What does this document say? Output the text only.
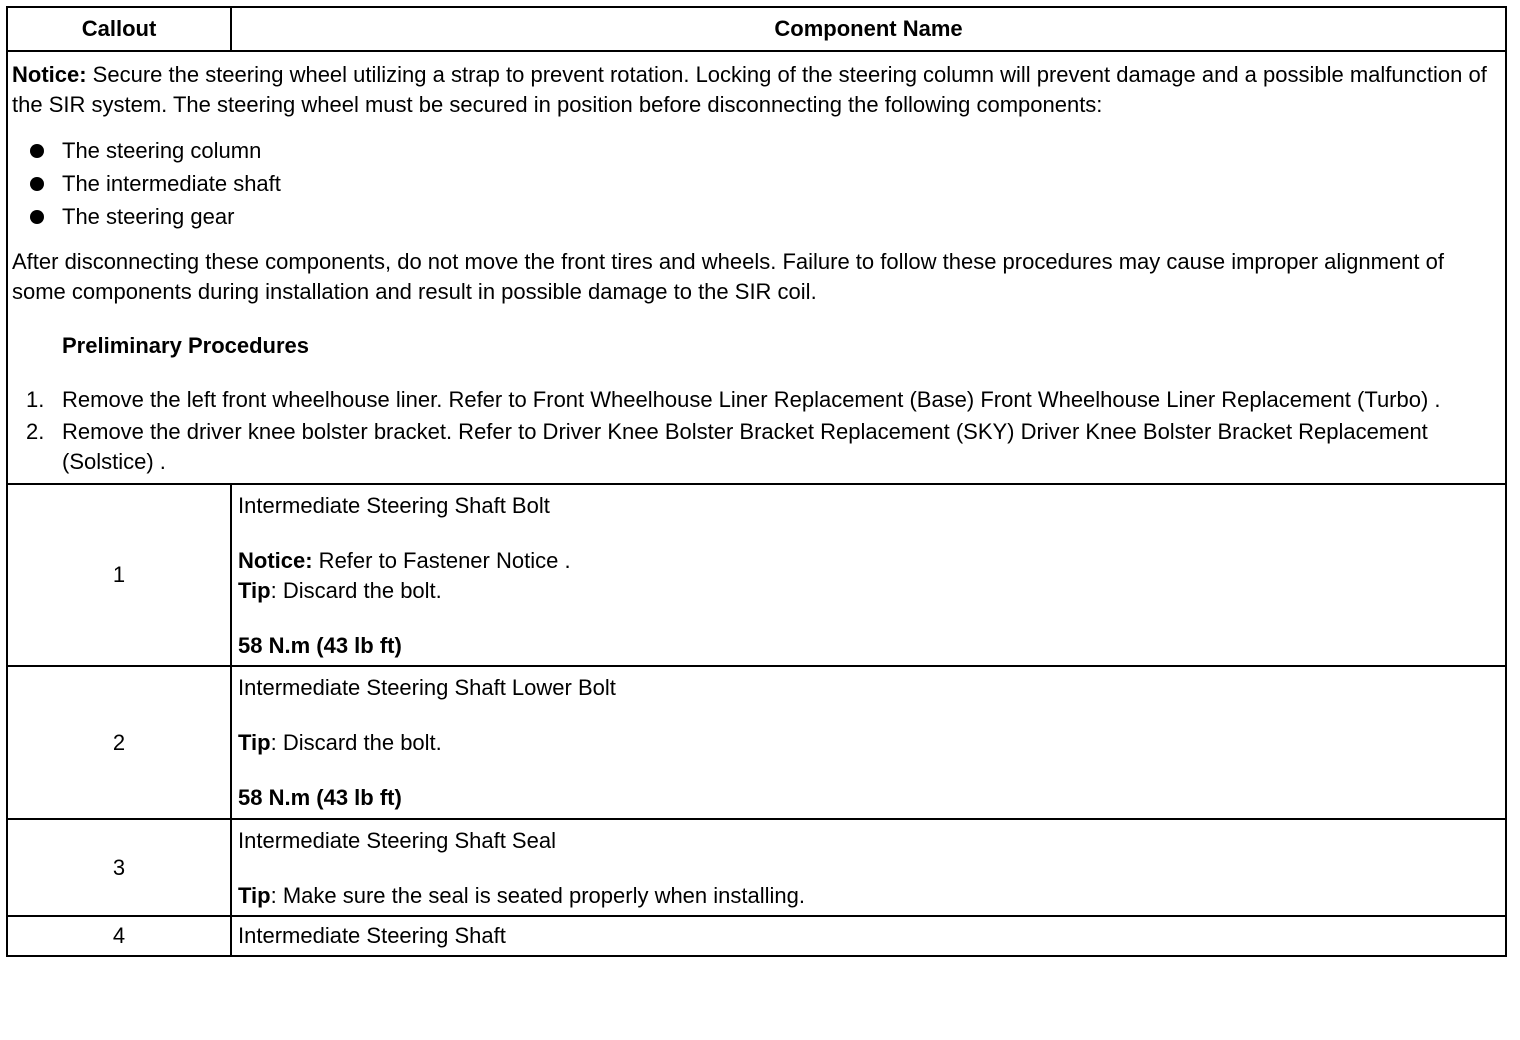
Callout	Component Name

Notice: Secure the steering wheel utilizing a strap to prevent rotation. Locking of the steering column will prevent damage and a possible malfunction of the SIR system. The steering wheel must be secured in position before disconnecting the following components:

The steering column
The intermediate shaft
The steering gear

After disconnecting these components, do not move the front tires and wheels. Failure to follow these procedures may cause improper alignment of some components during installation and result in possible damage to the SIR coil.

Preliminary Procedures

1. Remove the left front wheelhouse liner. Refer to Front Wheelhouse Liner Replacement (Base) Front Wheelhouse Liner Replacement (Turbo) .
2. Remove the driver knee bolster bracket. Refer to Driver Knee Bolster Bracket Replacement (SKY) Driver Knee Bolster Bracket Replacement (Solstice) .
1

Intermediate Steering Shaft Bolt

Notice: Refer to Fastener Notice .

Tip: Discard the bolt.

58 N.m (43 lb ft)

2

Intermediate Steering Shaft Lower Bolt

Tip: Discard the bolt.

58 N.m (43 lb ft)

3

Intermediate Steering Shaft Seal

Tip: Make sure the seal is seated properly when installing.

4	Intermediate Steering Shaft
